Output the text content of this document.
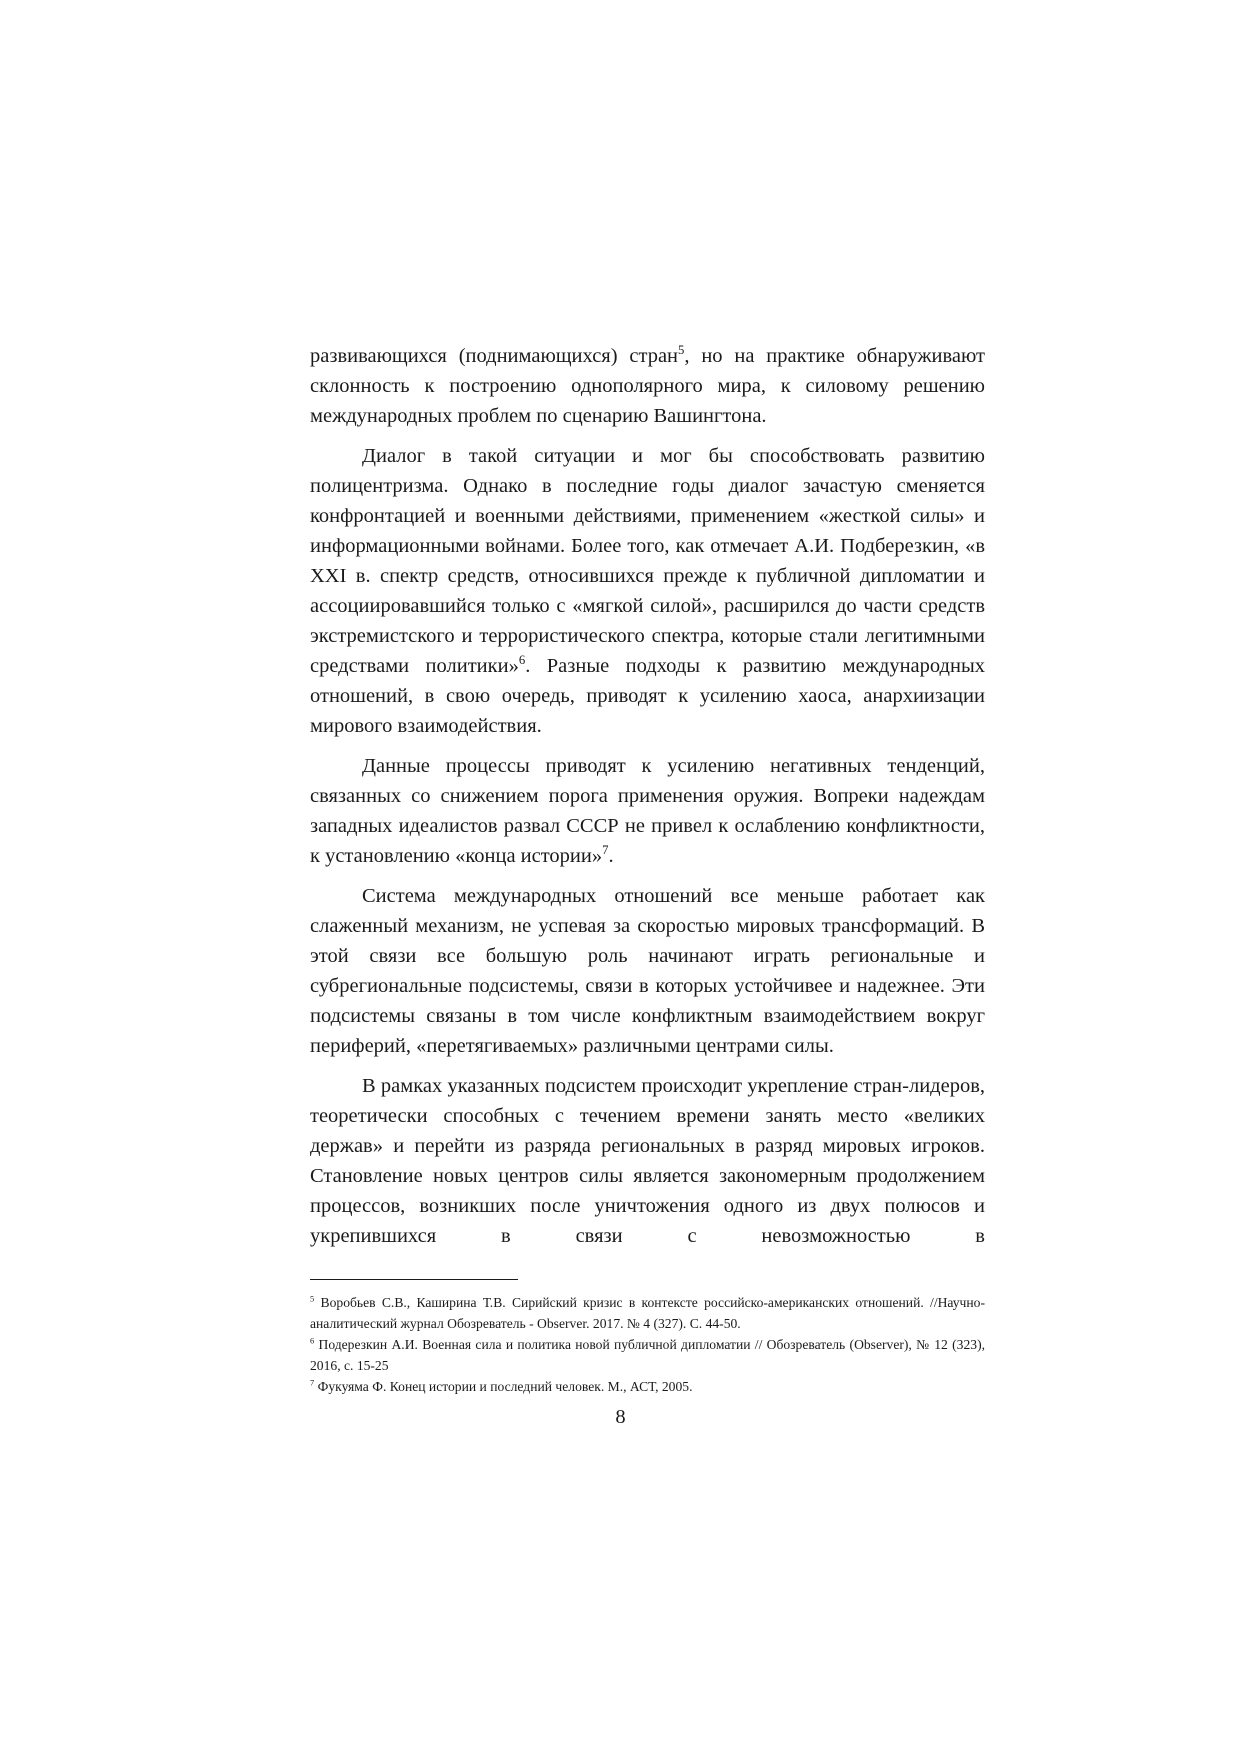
развивающихся (поднимающихся) стран$^5$, но на практике обнаруживают склонность к построению однополярного мира, к силовому решению международных проблем по сценарию Вашингтона.

Диалог в такой ситуации и мог бы способствовать развитию полицентризма. Однако в последние годы диалог зачастую сменяется конфронтацией и военными действиями, применением «жесткой силы» и информационными войнами. Более того, как отмечает А.И. Подберезкин, «в XXI в. спектр средств, относившихся прежде к публичной дипломатии и ассоциировавшийся только с «мягкой силой», расширился до части средств экстремистского и террористического спектра, которые стали легитимными средствами политики»$^6$. Разные подходы к развитию международных отношений, в свою очередь, приводят к усилению хаоса, анархиизации мирового взаимодействия.

Данные процессы приводят к усилению негативных тенденций, связанных со снижением порога применения оружия. Вопреки надеждам западных идеалистов развал СССР не привел к ослаблению конфликтности, к установлению «конца истории»$^7$.

Система международных отношений все меньше работает как слаженный механизм, не успевая за скоростью мировых трансформаций. В этой связи все большую роль начинают играть региональные и субрегиональные подсистемы, связи в которых устойчивее и надежнее. Эти подсистемы связаны в том числе конфликтным взаимодействием вокруг периферий, «перетягиваемых» различными центрами силы.

В рамках указанных подсистем происходит укрепление стран-лидеров, теоретически способных с течением времени занять место «великих держав» и перейти из разряда региональных в разряд мировых игроков. Становление новых центров силы является закономерным продолжением процессов, возникших после уничтожения одного из двух полюсов и укрепившихся в связи с невозможностью в

$^5$ Воробьев С.В., Каширина Т.В. Сирийский кризис в контексте российско-американских отношений. //Научно-аналитический журнал Обозреватель - Observer. 2017. № 4 (327). С. 44-50.

$^6$ Подерезкин А.И. Военная сила и политика новой публичной дипломатии // Обозреватель (Observer), № 12 (323), 2016, с. 15-25

$^7$ Фукуяма Ф. Конец истории и последний человек. М., АСТ, 2005.

8
